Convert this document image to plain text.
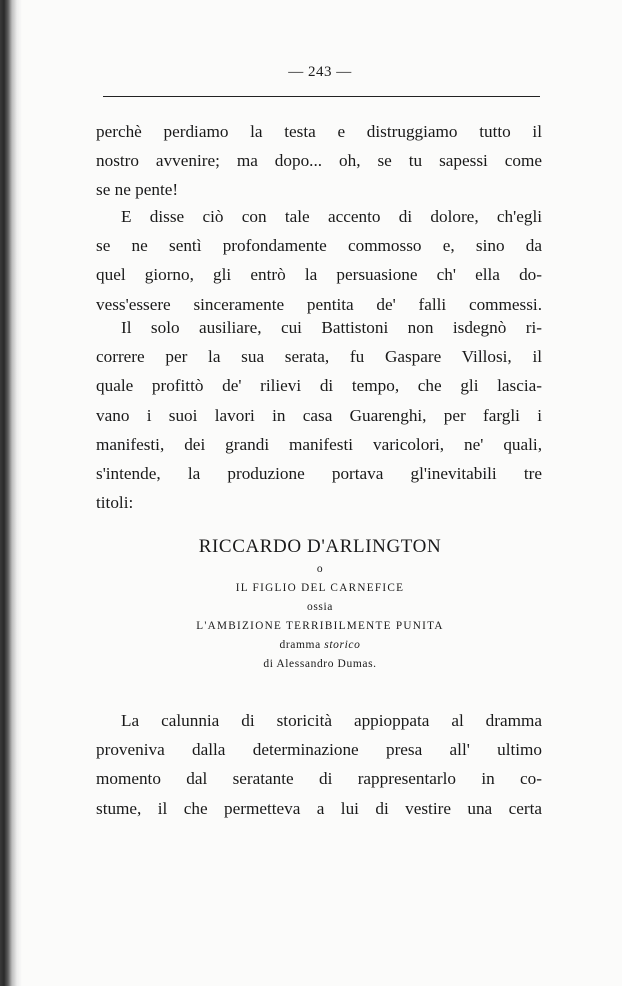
— 243 —
perchè perdiamo la testa e distruggiamo tutto il
nostro avvenire; ma dopo... oh, se tu sapessi come
se ne pente!
E disse ciò con tale accento di dolore, ch'egli
se ne sentì profondamente commosso e, sino da
quel giorno, gli entrò la persuasione ch' ella do-
vess'essere sinceramente pentita de' falli commessi.
Il solo ausiliare, cui Battistoni non isdegnò ri-
correre per la sua serata, fu Gaspare Villosi, il
quale profittò de' rilievi di tempo, che gli lascia-
vano i suoi lavori in casa Guarenghi, per fargli i
manifesti, dei grandi manifesti varicolori, ne' quali,
s'intende, la produzione portava gl'inevitabili tre
titoli:
RICCARDO D'ARLINGTON
o
IL FIGLIO DEL CARNEFICE
ossia
L'AMBIZIONE TERRIBILMENTE PUNITA
dramma storico
di Alessandro Dumas.
La calunnia di storicità appioppata al dramma
proveniva dalla determinazione presa all' ultimo
momento dal seratante di rappresentarlo in co-
stume, il che permetteva a lui di vestire una certa
